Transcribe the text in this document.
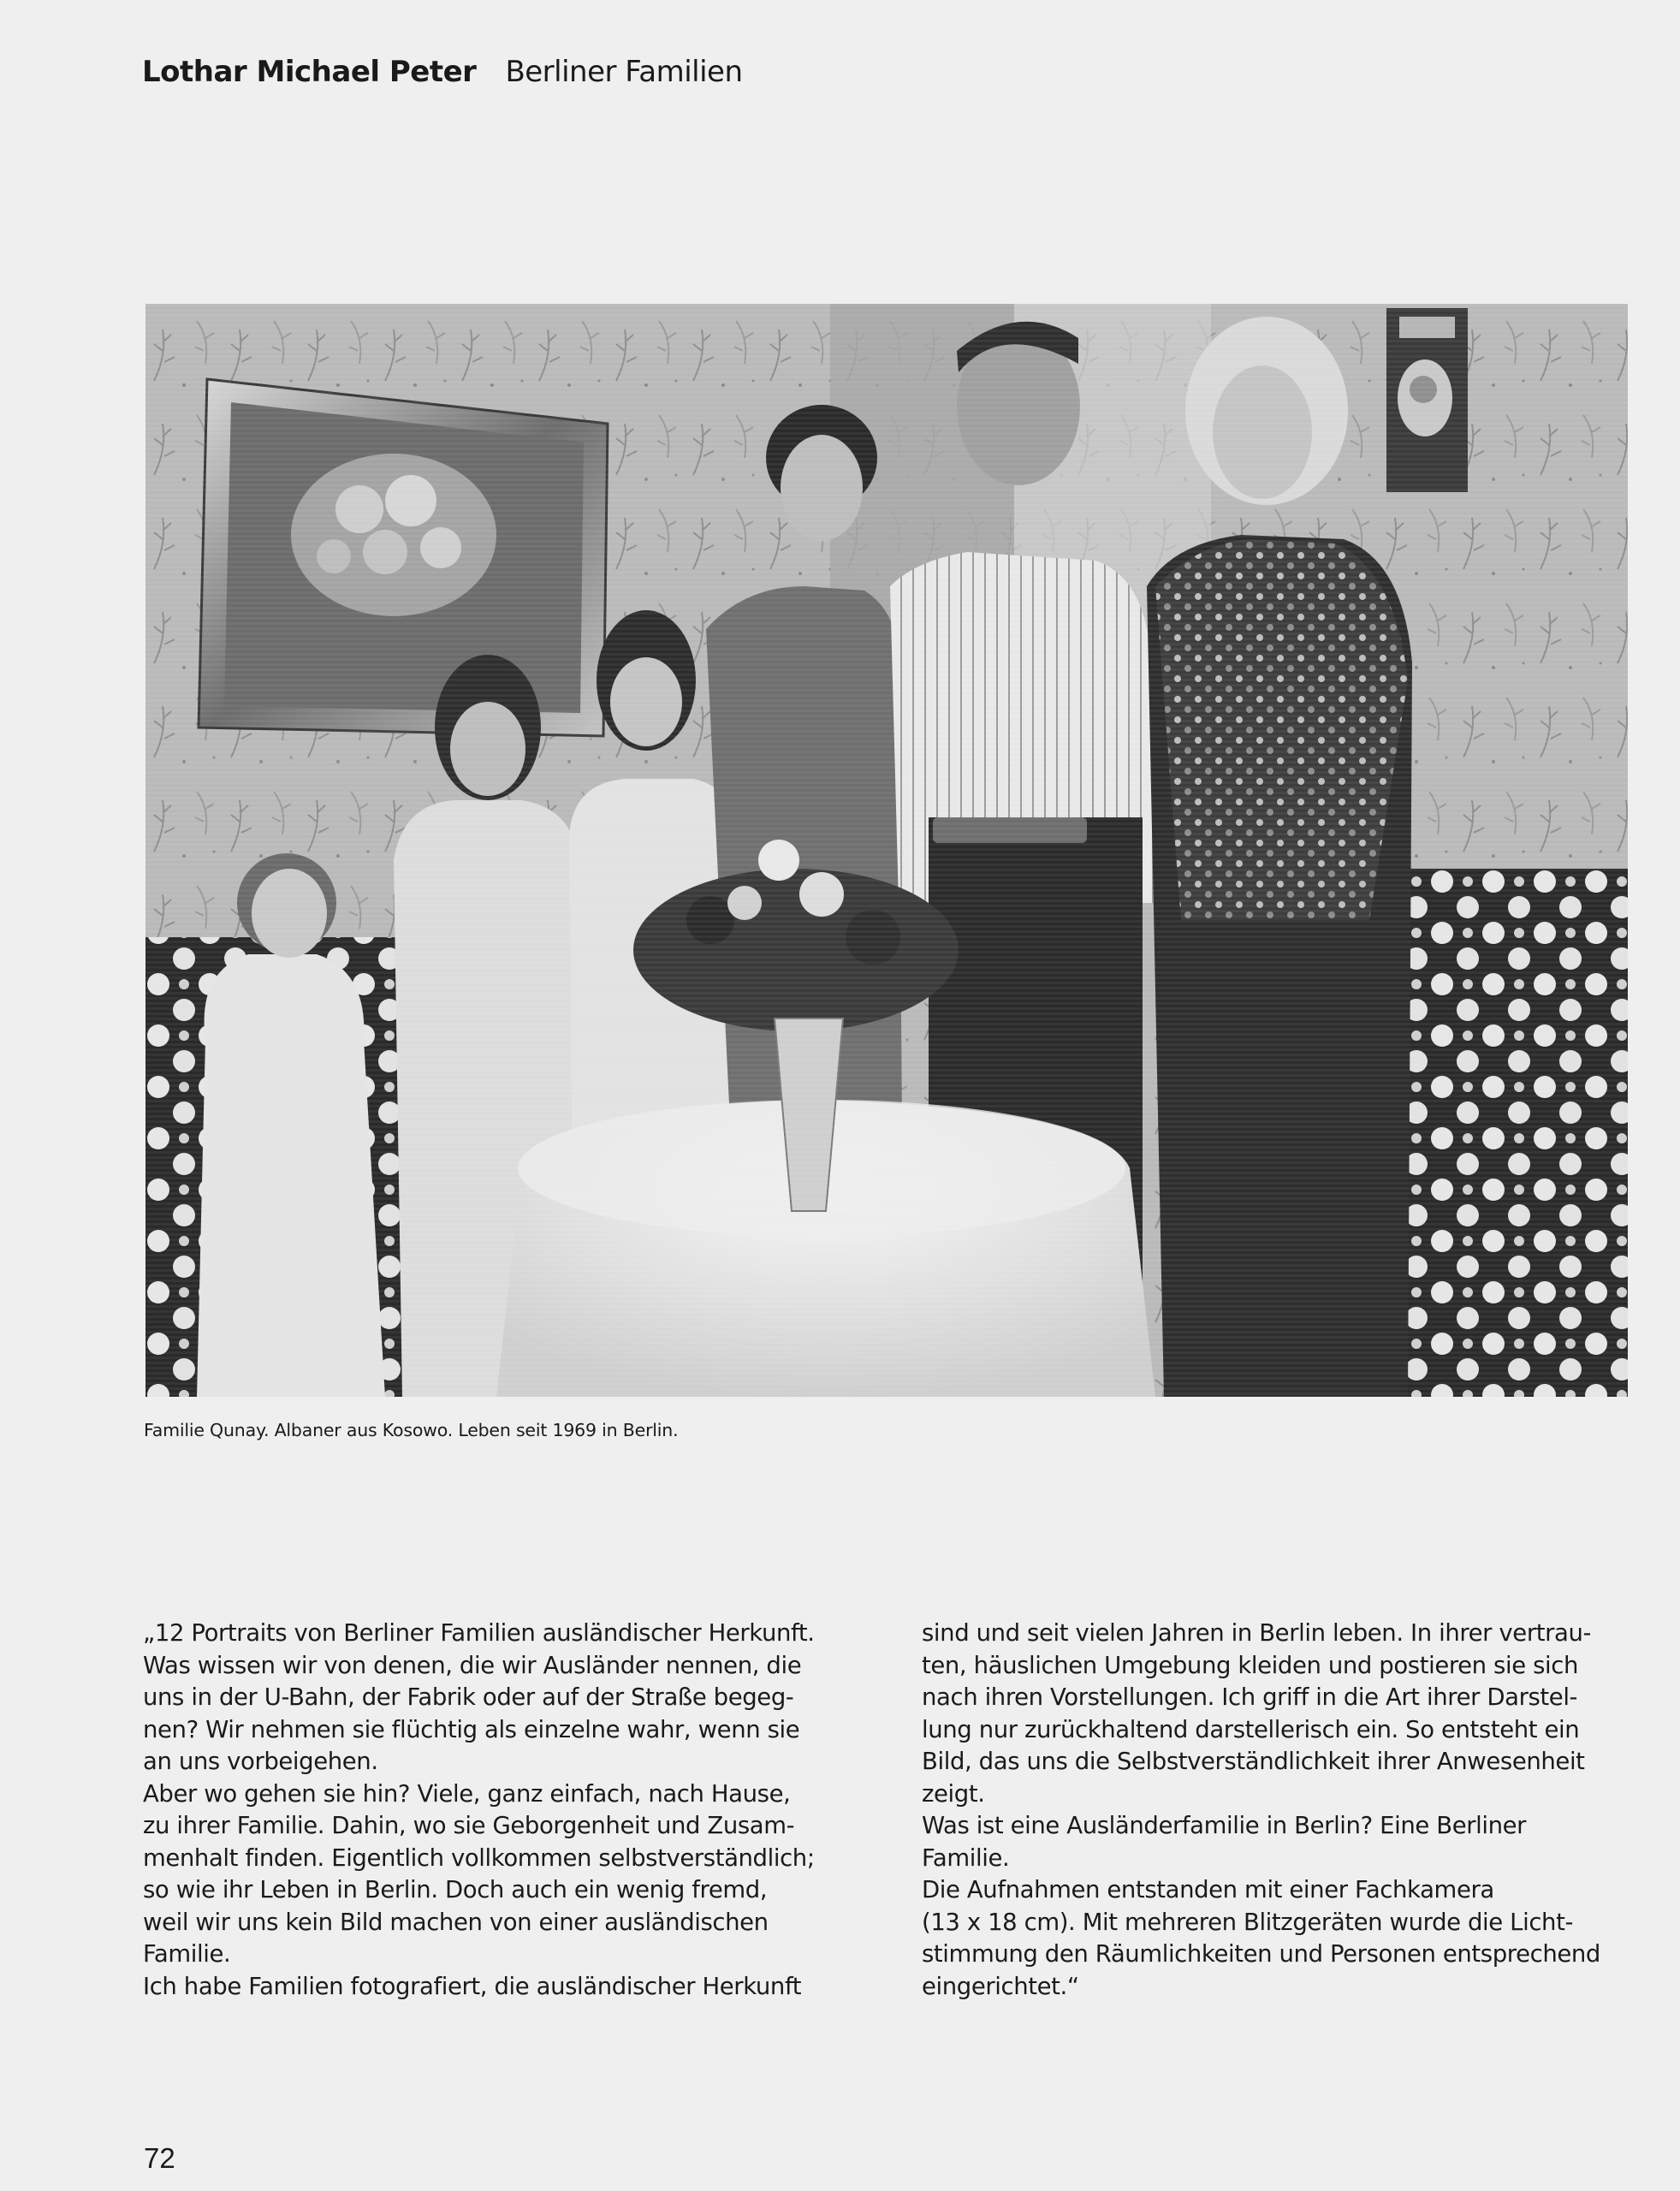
Lothar Michael Peter Berliner Familien
Familie Qunay. Albaner aus Kosowo. Leben seit 1969 in Berlin.
„12 Portraits von Berliner Familien ausländischer Herkunft.
Was wissen wir von denen, die wir Ausländer nennen, die
uns in der U-Bahn, der Fabrik oder auf der Straße begeg-
nen? Wir nehmen sie flüchtig als einzelne wahr, wenn sie
an uns vorbeigehen.
Aber wo gehen sie hin? Viele, ganz einfach, nach Hause,
zu ihrer Familie. Dahin, wo sie Geborgenheit und Zusam-
menhalt finden. Eigentlich vollkommen selbstverständlich;
so wie ihr Leben in Berlin. Doch auch ein wenig fremd,
weil wir uns kein Bild machen von einer ausländischen
Familie.
Ich habe Familien fotografiert, die ausländischer Herkunft
sind und seit vielen Jahren in Berlin leben. In ihrer vertrau-
ten, häuslichen Umgebung kleiden und postieren sie sich
nach ihren Vorstellungen. Ich griff in die Art ihrer Darstel-
lung nur zurückhaltend darstellerisch ein. So entsteht ein
Bild, das uns die Selbstverständlichkeit ihrer Anwesenheit
zeigt.
Was ist eine Ausländerfamilie in Berlin? Eine Berliner
Familie.
Die Aufnahmen entstanden mit einer Fachkamera
(13 x 18 cm). Mit mehreren Blitzgeräten wurde die Licht-
stimmung den Räumlichkeiten und Personen entsprechend
eingerichtet.“
72
